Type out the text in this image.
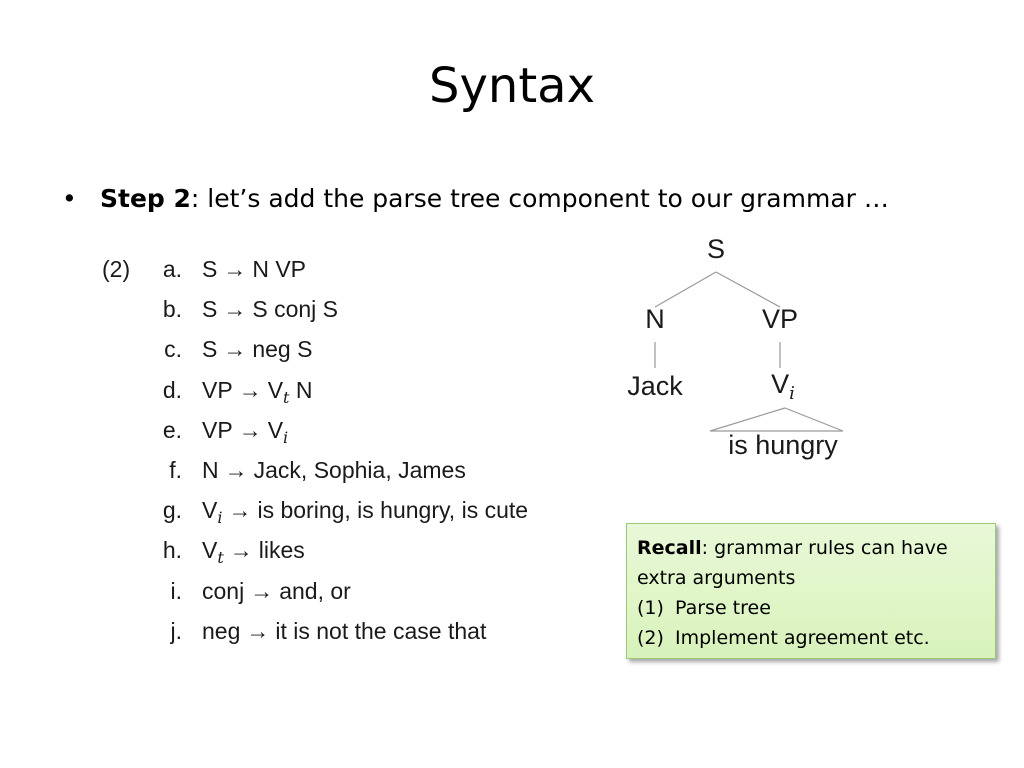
Syntax
• Step 2: let’s add the parse tree component to our grammar …
(2) a. S → N VP
b. S → S conj S
c. S → neg S
d. VP → $V_t$ N
e. VP → $V_i$
f. N → Jack, Sophia, James
g. $V_i$ → is boring, is hungry, is cute
h. $V_t$ → likes
i. conj → and, or
j. neg → it is not the case that
S
N	VP
Jack	$V_i$
is hungry
Recall: grammar rules can have
extra arguments
(1) Parse tree
(2) Implement agreement etc.
